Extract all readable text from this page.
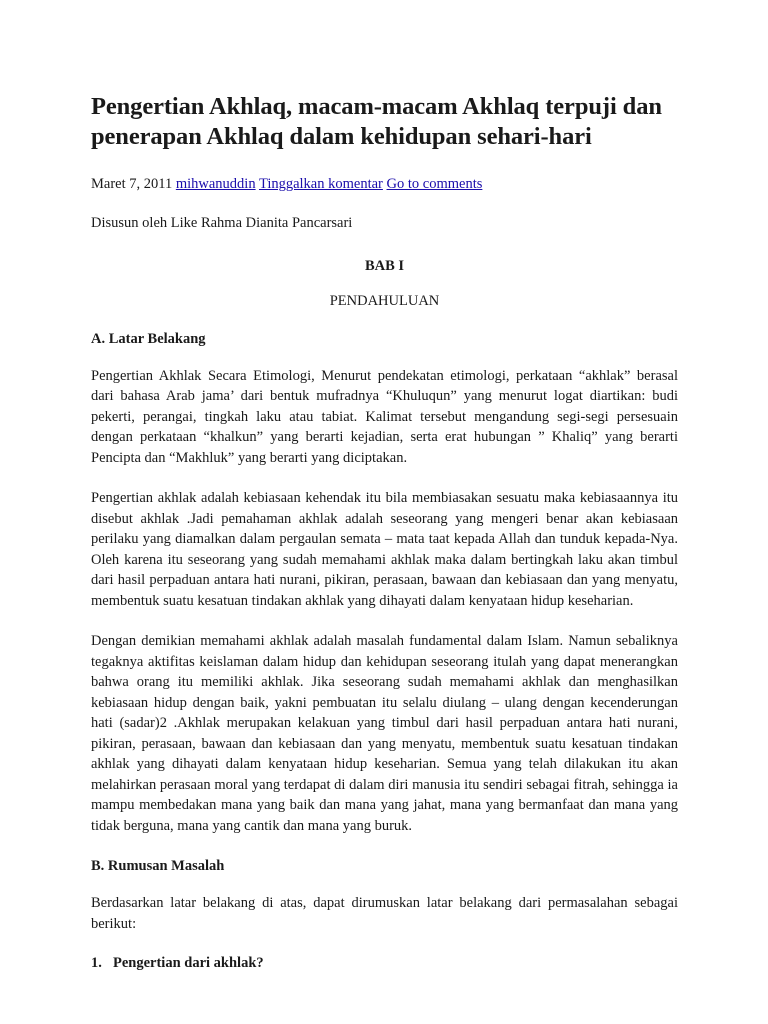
Pengertian Akhlaq, macam-macam Akhlaq terpuji dan penerapan Akhlaq dalam kehidupan sehari-hari
Maret 7, 2011 mihwanuddin Tinggalkan komentar Go to comments

Disusun oleh Like Rahma Dianita Pancarsari

BAB I

PENDAHULUAN

A. Latar Belakang

Pengertian Akhlak Secara Etimologi, Menurut pendekatan etimologi, perkataan “akhlak” berasal dari bahasa Arab jama’ dari bentuk mufradnya “Khuluqun” yang menurut logat diartikan: budi pekerti, perangai, tingkah laku atau tabiat. Kalimat tersebut mengandung segi-segi persesuain dengan perkataan “khalkun” yang berarti kejadian, serta erat hubungan ” Khaliq” yang berarti Pencipta dan “Makhluk” yang berarti yang diciptakan.

Pengertian akhlak adalah kebiasaan kehendak itu bila membiasakan sesuatu maka kebiasaannya itu disebut akhlak .Jadi pemahaman akhlak adalah seseorang yang mengeri benar akan kebiasaan perilaku yang diamalkan dalam pergaulan semata – mata taat kepada Allah dan tunduk kepada-Nya. Oleh karena itu seseorang yang sudah memahami akhlak maka dalam bertingkah laku akan timbul dari hasil perpaduan antara hati nurani, pikiran, perasaan, bawaan dan kebiasaan dan yang menyatu, membentuk suatu kesatuan tindakan akhlak yang dihayati dalam kenyataan hidup keseharian.

Dengan demikian memahami akhlak adalah masalah fundamental dalam Islam. Namun sebaliknya tegaknya aktifitas keislaman dalam hidup dan kehidupan seseorang itulah yang dapat menerangkan bahwa orang itu memiliki akhlak. Jika seseorang sudah memahami akhlak dan menghasilkan kebiasaan hidup dengan baik, yakni pembuatan itu selalu diulang – ulang dengan kecenderungan hati (sadar)2 .Akhlak merupakan kelakuan yang timbul dari hasil perpaduan antara hati nurani, pikiran, perasaan, bawaan dan kebiasaan dan yang menyatu, membentuk suatu kesatuan tindakan akhlak yang dihayati dalam kenyataan hidup keseharian. Semua yang telah dilakukan itu akan melahirkan perasaan moral yang terdapat di dalam diri manusia itu sendiri sebagai fitrah, sehingga ia mampu membedakan mana yang baik dan mana yang jahat, mana yang bermanfaat dan mana yang tidak berguna, mana yang cantik dan mana yang buruk.

B. Rumusan Masalah

Berdasarkan latar belakang di atas, dapat dirumuskan latar belakang dari permasalahan sebagai berikut:

1. Pengertian dari akhlak?
